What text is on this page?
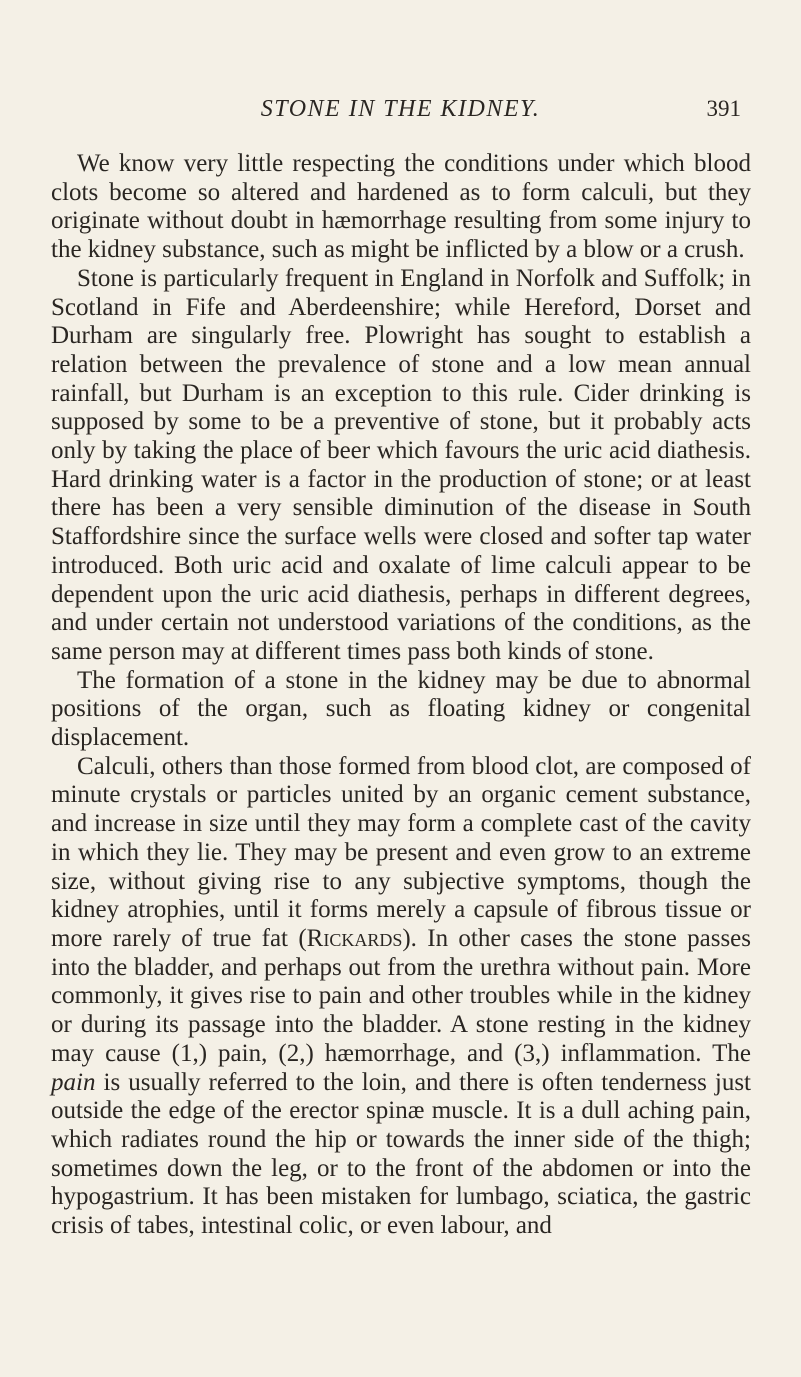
STONE IN THE KIDNEY.	391

We know very little respecting the conditions under which blood clots become so altered and hardened as to form calculi, but they originate without doubt in hæmorrhage resulting from some injury to the kidney substance, such as might be inflicted by a blow or a crush.

Stone is particularly frequent in England in Norfolk and Suffolk; in Scotland in Fife and Aberdeenshire; while Hereford, Dorset and Durham are singularly free. Plowright has sought to establish a relation between the prevalence of stone and a low mean annual rainfall, but Durham is an exception to this rule. Cider drinking is supposed by some to be a preventive of stone, but it probably acts only by taking the place of beer which favours the uric acid diathesis. Hard drinking water is a factor in the production of stone; or at least there has been a very sensible diminution of the disease in South Staffordshire since the surface wells were closed and softer tap water introduced. Both uric acid and oxalate of lime calculi appear to be dependent upon the uric acid diathesis, perhaps in different degrees, and under certain not understood variations of the conditions, as the same person may at different times pass both kinds of stone.

The formation of a stone in the kidney may be due to abnormal positions of the organ, such as floating kidney or congenital displacement.

Calculi, others than those formed from blood clot, are composed of minute crystals or particles united by an organic cement substance, and increase in size until they may form a complete cast of the cavity in which they lie. They may be present and even grow to an extreme size, without giving rise to any subjective symptoms, though the kidney atrophies, until it forms merely a capsule of fibrous tissue or more rarely of true fat (Rickards). In other cases the stone passes into the bladder, and perhaps out from the urethra without pain. More commonly, it gives rise to pain and other troubles while in the kidney or during its passage into the bladder. A stone resting in the kidney may cause (1,) pain, (2,) hæmorrhage, and (3,) inflammation. The pain is usually referred to the loin, and there is often tenderness just outside the edge of the erector spinæ muscle. It is a dull aching pain, which radiates round the hip or towards the inner side of the thigh; sometimes down the leg, or to the front of the abdomen or into the hypogastrium. It has been mistaken for lumbago, sciatica, the gastric crisis of tabes, intestinal colic, or even labour, and
